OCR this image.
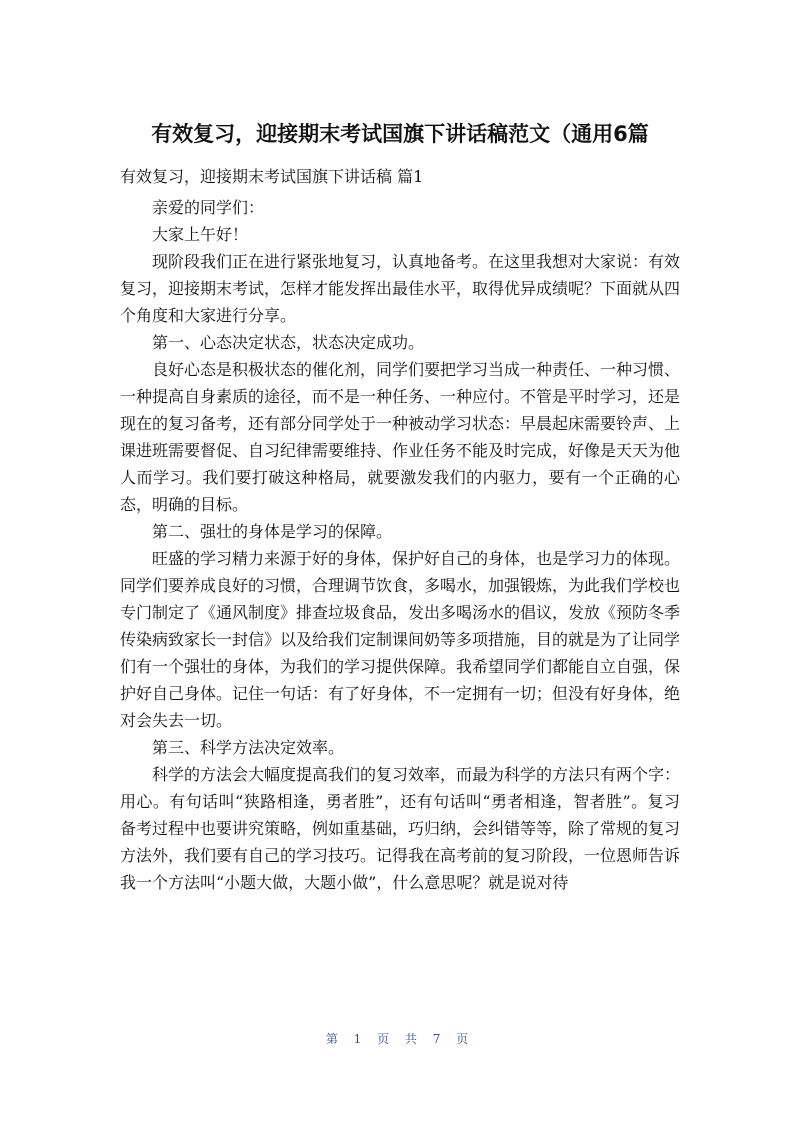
有效复习，迎接期末考试国旗下讲话稿范文（通用6篇
有效复习，迎接期末考试国旗下讲话稿 篇1

亲爱的同学们：

大家上午好！

现阶段我们正在进行紧张地复习，认真地备考。在这里我想对大家说：有效复习，迎接期末考试，怎样才能发挥出最佳水平，取得优异成绩呢？下面就从四个角度和大家进行分享。

第一、心态决定状态，状态决定成功。

良好心态是积极状态的催化剂，同学们要把学习当成一种责任、一种习惯、一种提高自身素质的途径，而不是一种任务、一种应付。不管是平时学习，还是现在的复习备考，还有部分同学处于一种被动学习状态：早晨起床需要铃声、上课进班需要督促、自习纪律需要维持、作业任务不能及时完成，好像是天天为他人而学习。我们要打破这种格局，就要激发我们的内驱力，要有一个正确的心态，明确的目标。

第二、强壮的身体是学习的保障。

旺盛的学习精力来源于好的身体，保护好自己的身体，也是学习力的体现。同学们要养成良好的习惯，合理调节饮食，多喝水，加强锻炼，为此我们学校也专门制定了《通风制度》排查垃圾食品，发出多喝汤水的倡议，发放《预防冬季传染病致家长一封信》以及给我们定制课间奶等多项措施，目的就是为了让同学们有一个强壮的身体，为我们的学习提供保障。我希望同学们都能自立自强，保护好自己身体。记住一句话：有了好身体，不一定拥有一切；但没有好身体，绝对会失去一切。

第三、科学方法决定效率。

科学的方法会大幅度提高我们的复习效率，而最为科学的方法只有两个字：用心。有句话叫“狭路相逢，勇者胜”，还有句话叫“勇者相逢，智者胜”。复习备考过程中也要讲究策略，例如重基础，巧归纳，会纠错等等，除了常规的复习方法外，我们要有自己的学习技巧。记得我在高考前的复习阶段，一位恩师告诉我一个方法叫“小题大做，大题小做”，什么意思呢？就是说对待

第 1 页 共 7 页
